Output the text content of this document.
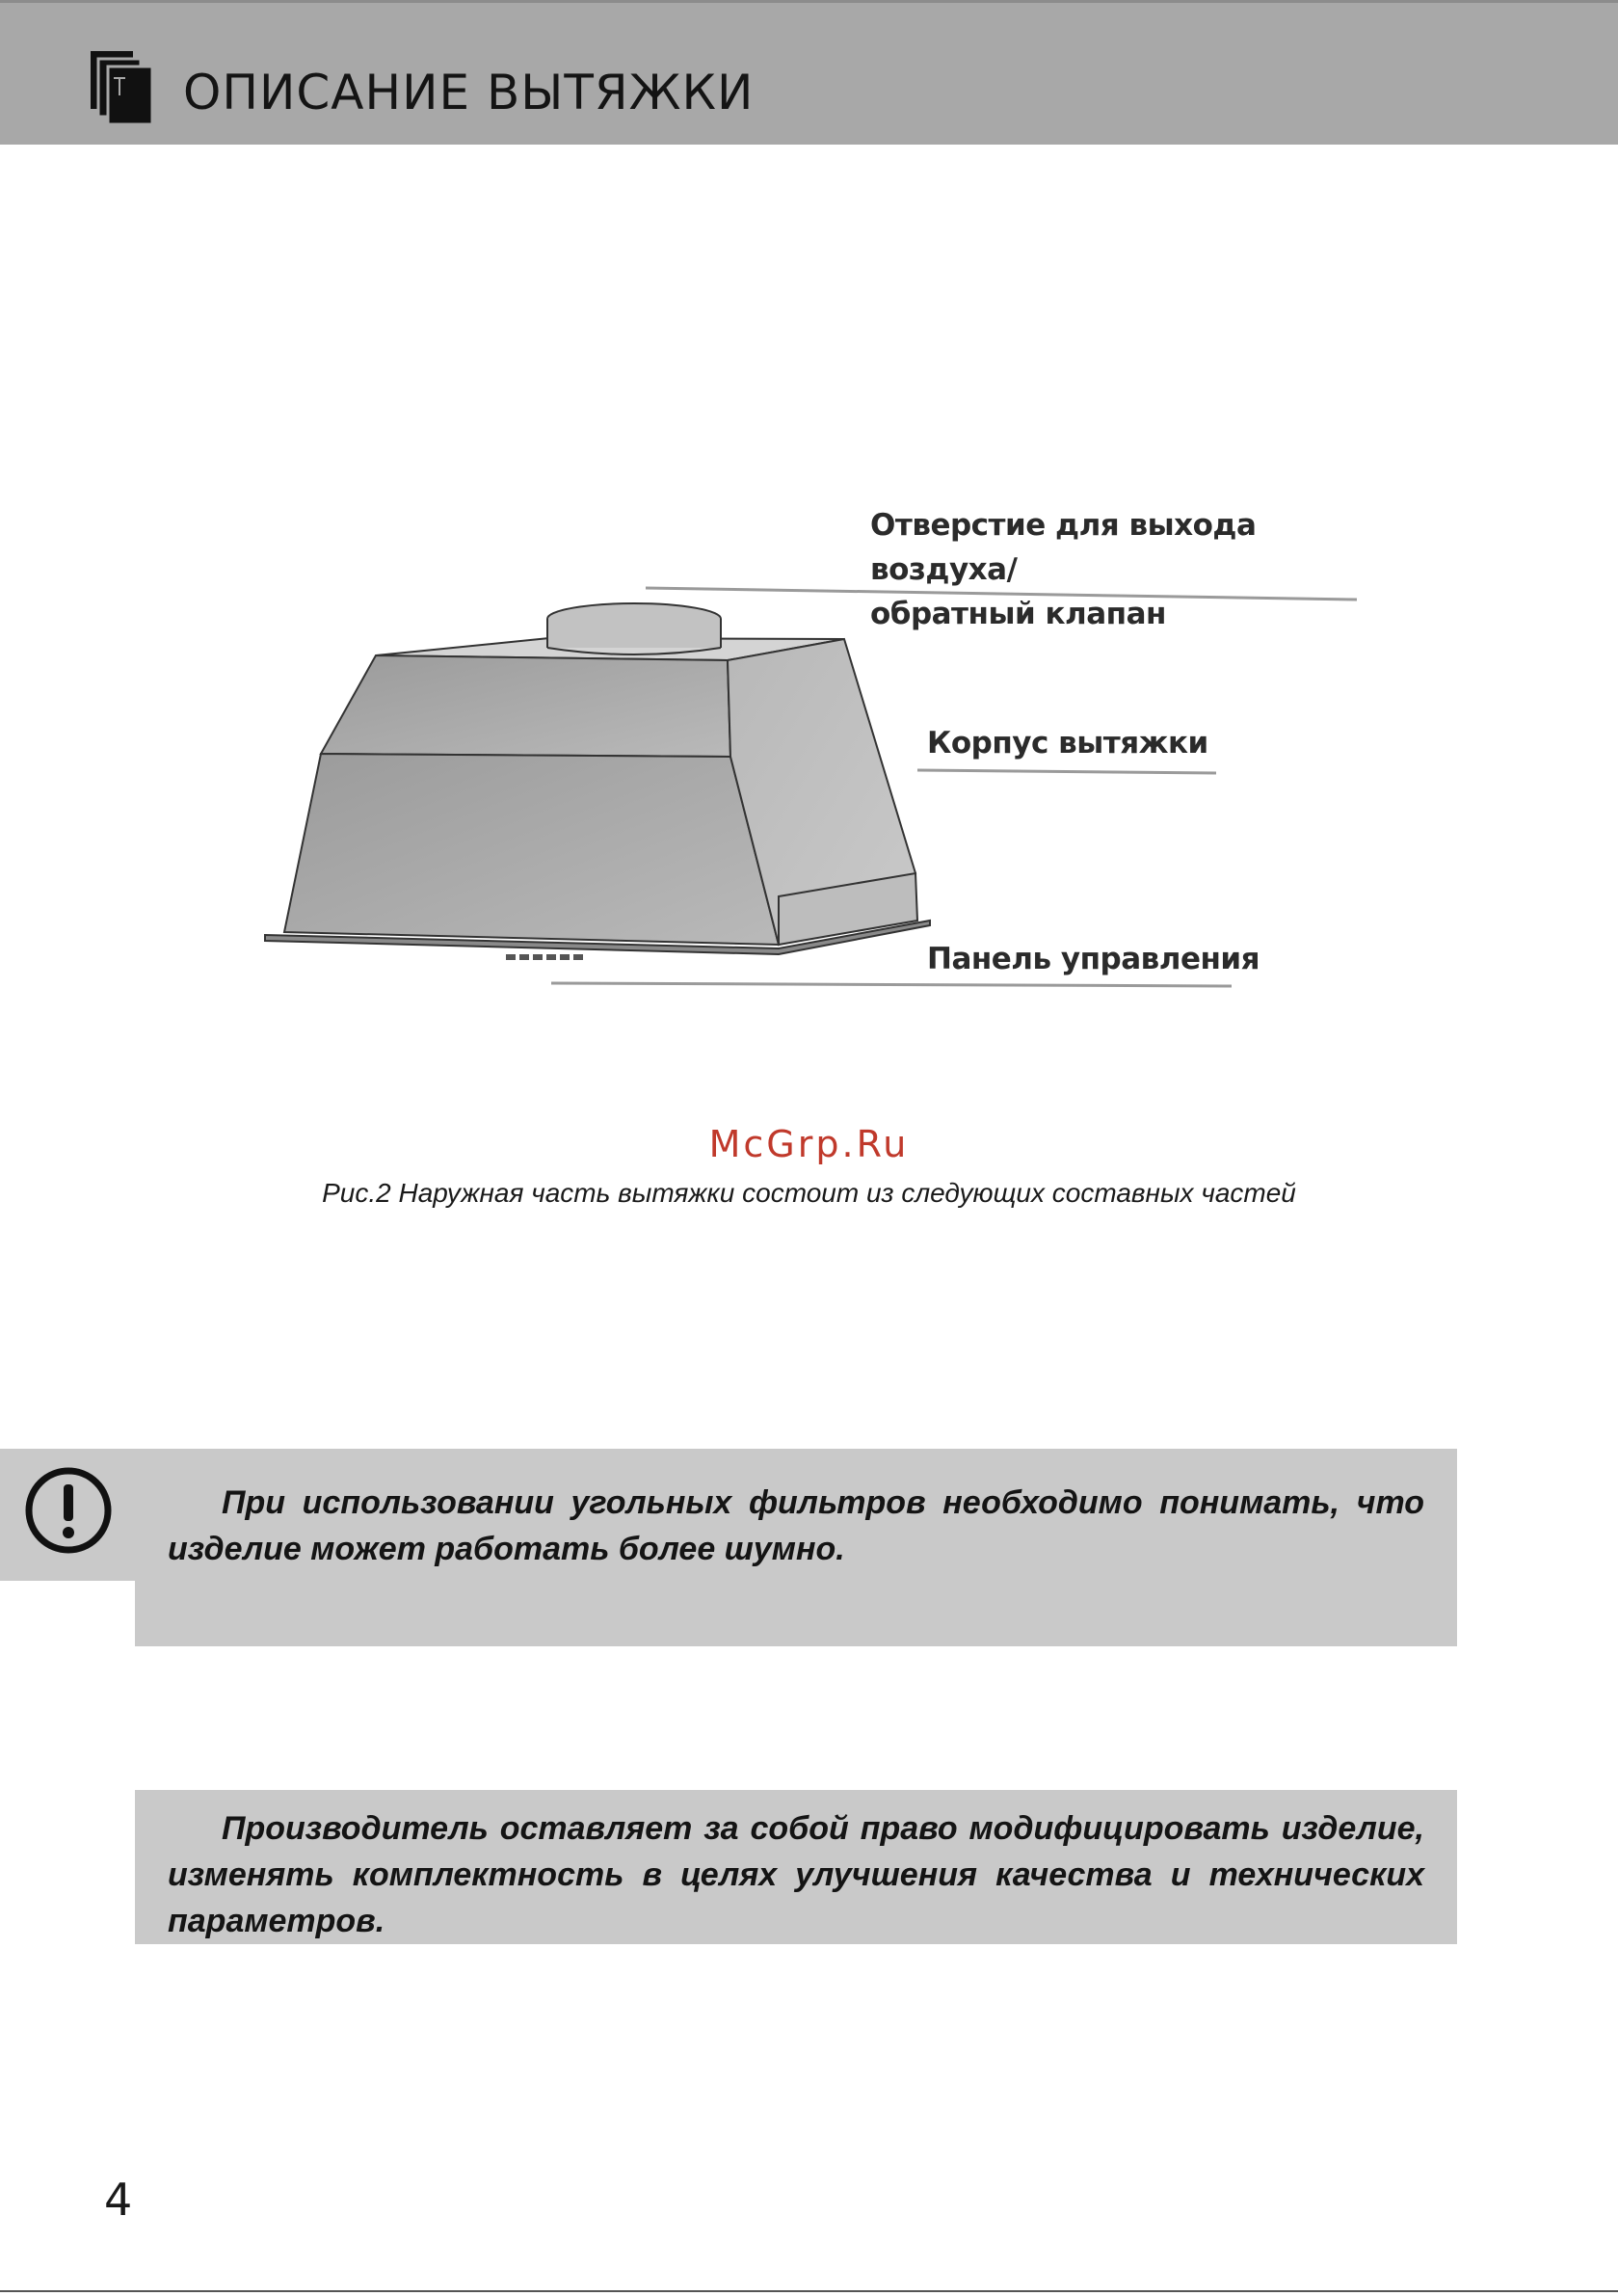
ОПИСАНИЕ ВЫТЯЖКИ
Отверстие для выхода воздуха/
обратный клапан
Корпус вытяжки
Панель управления
McGrp.Ru
Рис.2 Наружная часть вытяжки состоит из следующих составных частей

При использовании угольных фильтров необходимо понимать, что изделие может работать более шумно.

Производитель оставляет за собой право модифицировать изделие, изменять комплектность в целях улучшения качества и технических параметров.

4
